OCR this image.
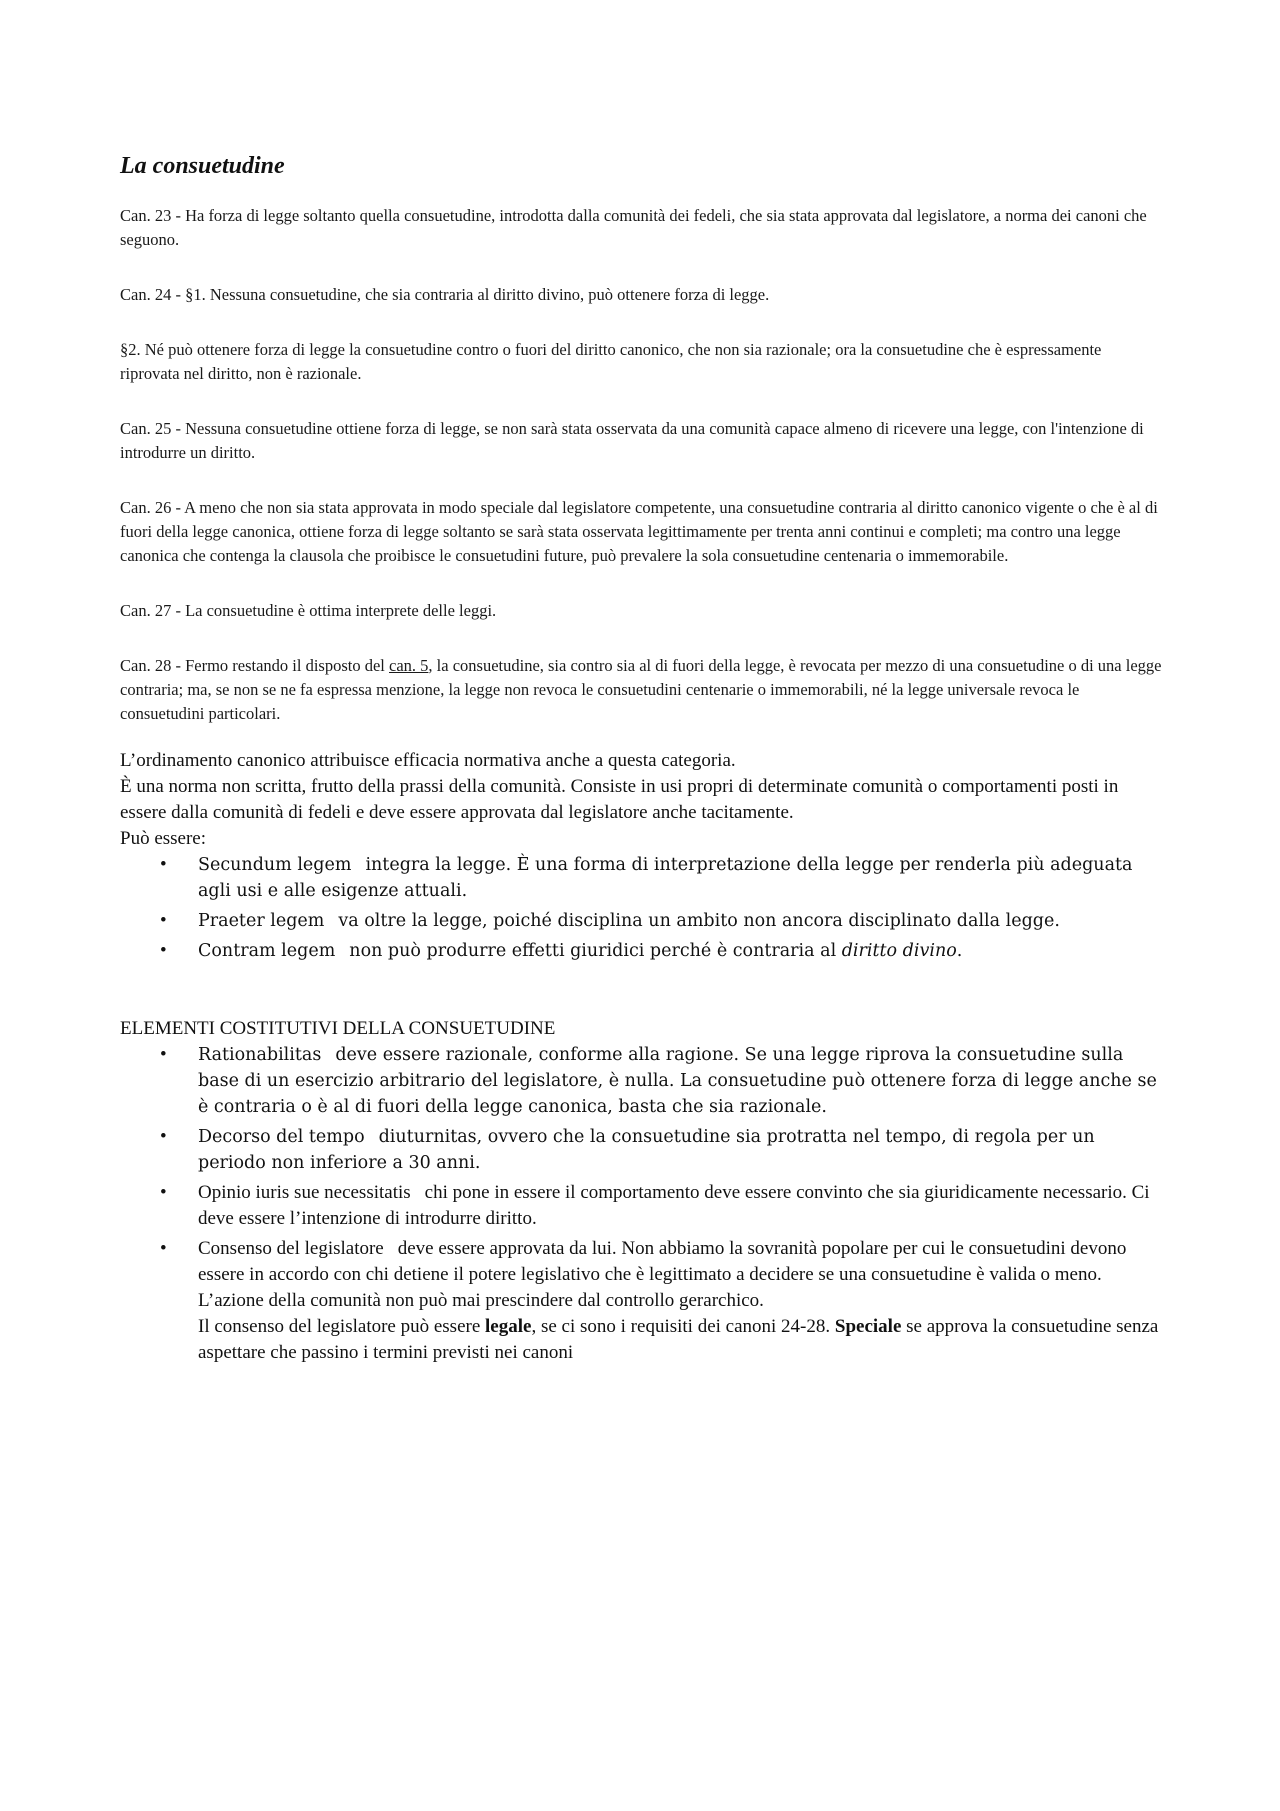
La consuetudine

Can. 23 - Ha forza di legge soltanto quella consuetudine, introdotta dalla comunità dei fedeli, che sia stata approvata dal legislatore, a norma dei canoni che seguono.

Can. 24 - §1. Nessuna consuetudine, che sia contraria al diritto divino, può ottenere forza di legge.

§2. Né può ottenere forza di legge la consuetudine contro o fuori del diritto canonico, che non sia razionale; ora la consuetudine che è espressamente riprovata nel diritto, non è razionale.

Can. 25 - Nessuna consuetudine ottiene forza di legge, se non sarà stata osservata da una comunità capace almeno di ricevere una legge, con l'intenzione di introdurre un diritto.

Can. 26 - A meno che non sia stata approvata in modo speciale dal legislatore competente, una consuetudine contraria al diritto canonico vigente o che è al di fuori della legge canonica, ottiene forza di legge soltanto se sarà stata osservata legittimamente per trenta anni continui e completi; ma contro una legge canonica che contenga la clausola che proibisce le consuetudini future, può prevalere la sola consuetudine centenaria o immemorabile.

Can. 27 - La consuetudine è ottima interprete delle leggi.

Can. 28 - Fermo restando il disposto del can. 5, la consuetudine, sia contro sia al di fuori della legge, è revocata per mezzo di una consuetudine o di una legge contraria; ma, se non se ne fa espressa menzione, la legge non revoca le consuetudini centenarie o immemorabili, né la legge universale revoca le consuetudini particolari.

L’ordinamento canonico attribuisce efficacia normativa anche a questa categoria.

È una norma non scritta, frutto della prassi della comunità. Consiste in usi propri di determinate comunità o comportamenti posti in essere dalla comunità di fedeli e deve essere approvata dal legislatore anche tacitamente.

Può essere:

• Secundum legem integra la legge. È una forma di interpretazione della legge per renderla più adeguata agli usi e alle esigenze attuali.
• Praeter legem va oltre la legge, poiché disciplina un ambito non ancora disciplinato dalla legge.
• Contram legem non può produrre effetti giuridici perché è contraria al diritto divino.

ELEMENTI COSTITUTIVI DELLA CONSUETUDINE

• Rationabilitas deve essere razionale, conforme alla ragione. Se una legge riprova la consuetudine sulla base di un esercizio arbitrario del legislatore, è nulla. La consuetudine può ottenere forza di legge anche se è contraria o è al di fuori della legge canonica, basta che sia razionale.
• Decorso del tempo diuturnitas, ovvero che la consuetudine sia protratta nel tempo, di regola per un periodo non inferiore a 30 anni.
• Opinio iuris sue necessitatis chi pone in essere il comportamento deve essere convinto che sia giuridicamente necessario. Ci deve essere l’intenzione di introdurre diritto.
• Consenso del legislatore deve essere approvata da lui. Non abbiamo la sovranità popolare per cui le consuetudini devono essere in accordo con chi detiene il potere legislativo che è legittimato a decidere se una consuetudine è valida o meno.
L’azione della comunità non può mai prescindere dal controllo gerarchico.
Il consenso del legislatore può essere legale, se ci sono i requisiti dei canoni 24-28. Speciale se approva la consuetudine senza aspettare che passino i termini previsti nei canoni
